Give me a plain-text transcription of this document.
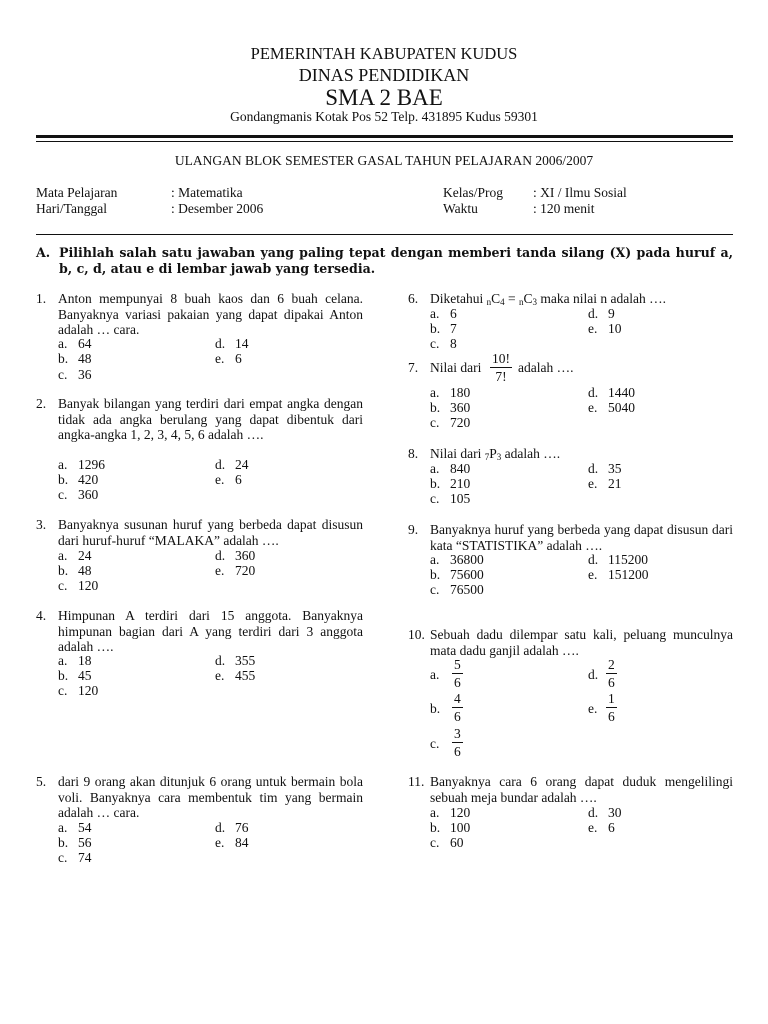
PEMERINTAH KABUPATEN KUDUS
DINAS PENDIDIKAN
SMA 2 BAE
Gondangmanis Kotak Pos 52 Telp. 431895 Kudus 59301
ULANGAN BLOK SEMESTER GASAL TAHUN PELAJARAN 2006/2007
Mata Pelajaran	: Matematika
Hari/Tanggal	: Desember 2006
Kelas/Prog : XI / Ilmu Sosial
Waktu	: 120 menit
A. Pilihlah salah satu jawaban yang paling tepat dengan memberi tanda silang (X) pada huruf a, b, c, d, atau e di lembar jawab yang tersedia.
1. Anton mempunyai 8 buah kaos dan 6 buah celana. Banyaknya variasi pakaian yang dapat dipakai Anton adalah … cara.
a. 64
b. 48
c. 36
d. 14
e. 6
2. Banyak bilangan yang terdiri dari empat angka dengan tidak ada angka berulang yang dapat dibentuk dari angka-angka 1, 2, 3, 4, 5, 6 adalah ….
a. 1296
b. 420
c. 360
d. 24
e. 6
3. Banyaknya susunan huruf yang berbeda dapat disusun dari huruf-huruf “MALAKA” adalah ….
a. 24
b. 48
c. 120
d. 360
e. 720
4. Himpunan A terdiri dari 15 anggota. Banyaknya himpunan bagian dari A yang terdiri dari 3 anggota adalah ….
a. 18
b. 45
c. 120
d. 355
e. 455
5. dari 9 orang akan ditunjuk 6 orang untuk bermain bola voli. Banyaknya cara membentuk tim yang bermain adalah … cara.
a. 54
b. 56
c. 74
d. 76
e. 84
6. Diketahui $_nC_4 = _nC_3$ maka nilai n adalah ….
a. 6
b. 7
c. 8
d. 9
e. 10
7. Nilai dari
10!
7!
adalah ….
a. 180
b. 360
c. 720
d. 1440
e. 5040
8. Nilai dari $_7P_3$ adalah ….
a. 840
b. 210
c. 105
d. 35
e. 21
9. Banyaknya huruf yang berbeda yang dapat disusun dari kata “STATISTIKA” adalah ….
a. 36800
b. 75600
c. 76500
d. 115200
e. 151200
10. Sebuah dadu dilempar satu kali, peluang munculnya mata dadu ganjil adalah ….
a.
5
6
b.
4
6
c.
3
6
d.
2
6
e.
1
6
11. Banyaknya cara 6 orang dapat duduk mengelilingi sebuah meja bundar adalah ….
a. 120
b. 100
c. 60
d. 30
e. 6
